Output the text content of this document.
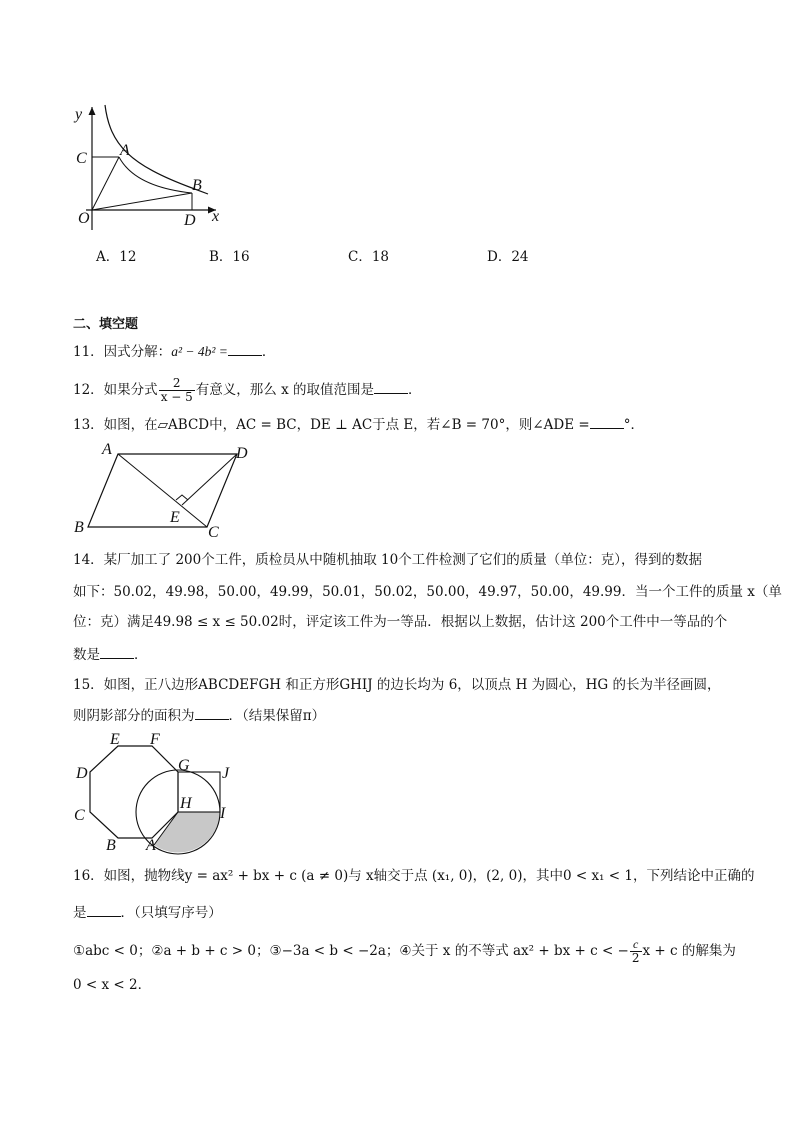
y
x
C A
B
O	D
A．12	B．16	C．18	D．24
二、填空题
11．因式分解：a² − 4b² =	．
12．如果分式 $\frac{2}{x - 5}$ 有意义，那么 x 的取值范围是	．
13．如图，在▱ABCD中，AC = BC，DE ⊥ AC于点 E，若∠B = 70°，则∠ADE =	°．
A	D
B
E
C
14．某厂加工了 200个工件，质检员从中随机抽取 10个工件检测了它们的质量（单位：克），得到的数据
如下：50.02，49.98，50.00，49.99，50.01，50.02，50.00，49.97，50.00，49.99．当一个工件的质量 x（单
位：克）满足49.98 ≤ x ≤ 50.02时，评定该工件为一等品．根据以上数据，估计这 200个工件中一等品的个
数是	．
15．如图，正八边形ABCDEFGH 和正方形GHIJ 的边长均为 6，以顶点 H 为圆心，HG 的长为半径画圆，
则阴影部分的面积为	．（结果保留π）
E F
D	G J
C
H
I
B A
16．如图，抛物线y = ax² + bx + c (a ≠ 0)与 x轴交于点 (x₁, 0)，(2, 0)，其中0 < x₁ < 1，下列结论中正确的
是	．（只填写序号）
①abc < 0；②a + b + c > 0；③−3a < b < −2a；④关于 x 的不等式 ax² + bx + c < − $\frac{c}{2}$ x + c 的解集为
0 < x < 2．
